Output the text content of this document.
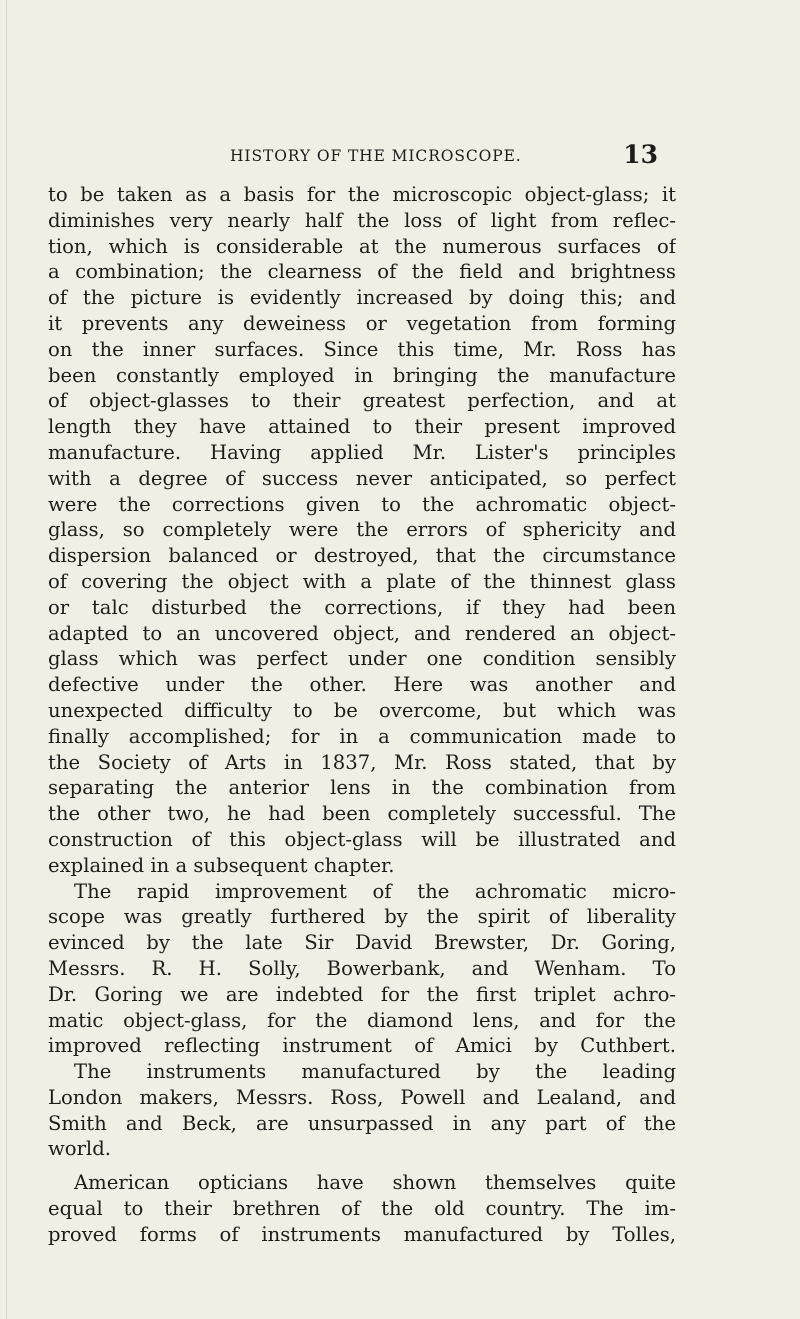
HISTORY OF THE MICROSCOPE.	13
to be taken as a basis for the microscopic object-glass; it
diminishes very nearly half the loss of light from reflec-
tion, which is considerable at the numerous surfaces of
a combination; the clearness of the field and brightness
of the picture is evidently increased by doing this; and
it prevents any deweiness or vegetation from forming
on the inner surfaces. Since this time, Mr. Ross has
been constantly employed in bringing the manufacture
of object-glasses to their greatest perfection, and at
length they have attained to their present improved
manufacture. Having applied Mr. Lister's principles
with a degree of success never anticipated, so perfect
were the corrections given to the achromatic object-
glass, so completely were the errors of sphericity and
dispersion balanced or destroyed, that the circumstance
of covering the object with a plate of the thinnest glass
or talc disturbed the corrections, if they had been
adapted to an uncovered object, and rendered an object-
glass which was perfect under one condition sensibly
defective under the other. Here was another and
unexpected difficulty to be overcome, but which was
finally accomplished; for in a communication made to
the Society of Arts in 1837, Mr. Ross stated, that by
separating the anterior lens in the combination from
the other two, he had been completely successful. The
construction of this object-glass will be illustrated and
explained in a subsequent chapter.
The rapid improvement of the achromatic micro-
scope was greatly furthered by the spirit of liberality
evinced by the late Sir David Brewster, Dr. Goring,
Messrs. R. H. Solly, Bowerbank, and Wenham. To
Dr. Goring we are indebted for the first triplet achro-
matic object-glass, for the diamond lens, and for the
improved reflecting instrument of Amici by Cuthbert.
The instruments manufactured by the leading
London makers, Messrs. Ross, Powell and Lealand, and
Smith and Beck, are unsurpassed in any part of the
world.
American opticians have shown themselves quite
equal to their brethren of the old country. The im-
proved forms of instruments manufactured by Tolles,
